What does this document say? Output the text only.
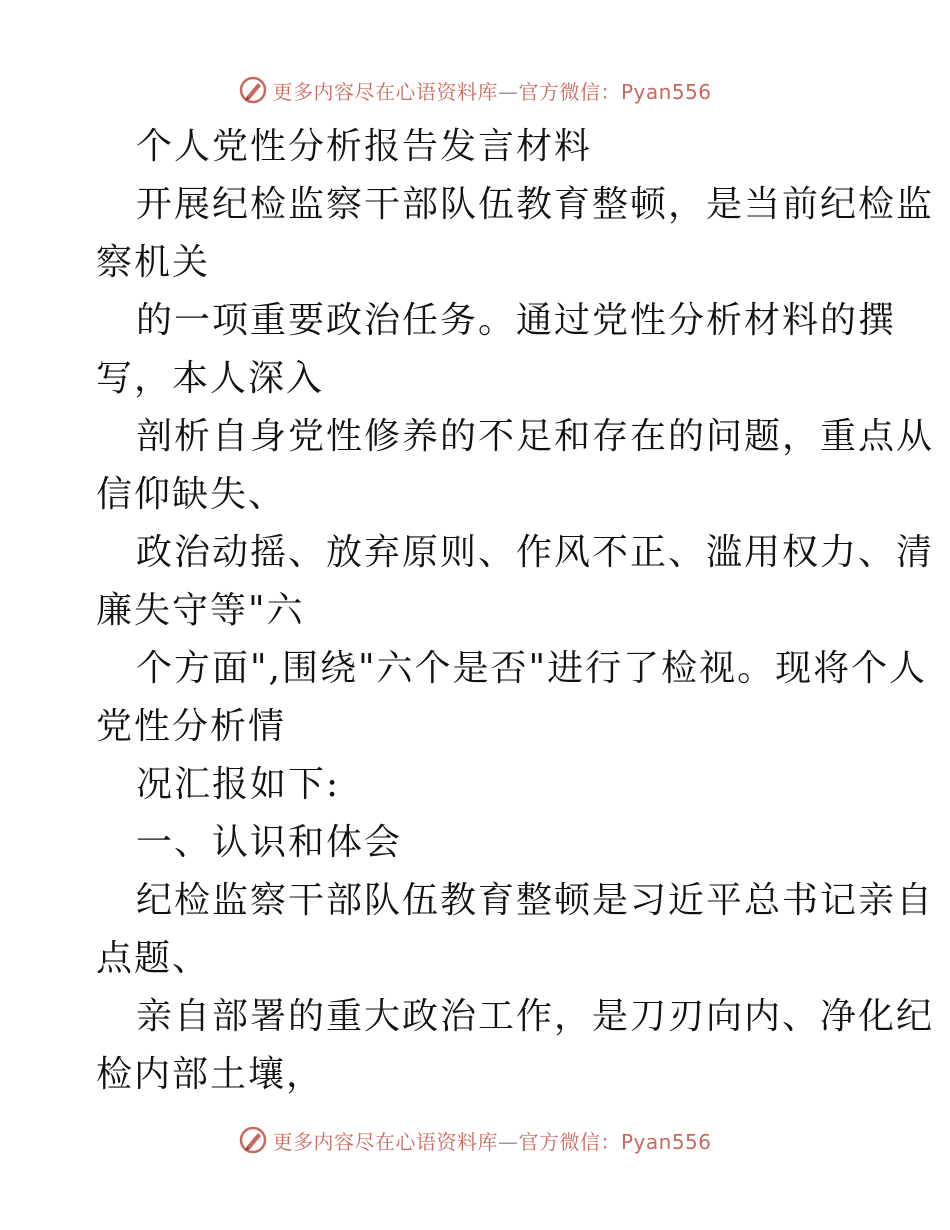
更多内容尽在心语资料库—官方微信：Pyan556
个人党性分析报告发言材料
开展纪检监察干部队伍教育整顿，是当前纪检监
察机关
的一项重要政治任务。通过党性分析材料的撰
写，本人深入
剖析自身党性修养的不足和存在的问题，重点从
信仰缺失、
政治动摇、放弃原则、作风不正、滥用权力、清
廉失守等"六
个方面",围绕"六个是否"进行了检视。现将个人
党性分析情
况汇报如下:
一、认识和体会
纪检监察干部队伍教育整顿是习近平总书记亲自
点题、
亲自部署的重大政治工作，是刀刃向内、净化纪
检内部土壤，
更多内容尽在心语资料库—官方微信：Pyan556
